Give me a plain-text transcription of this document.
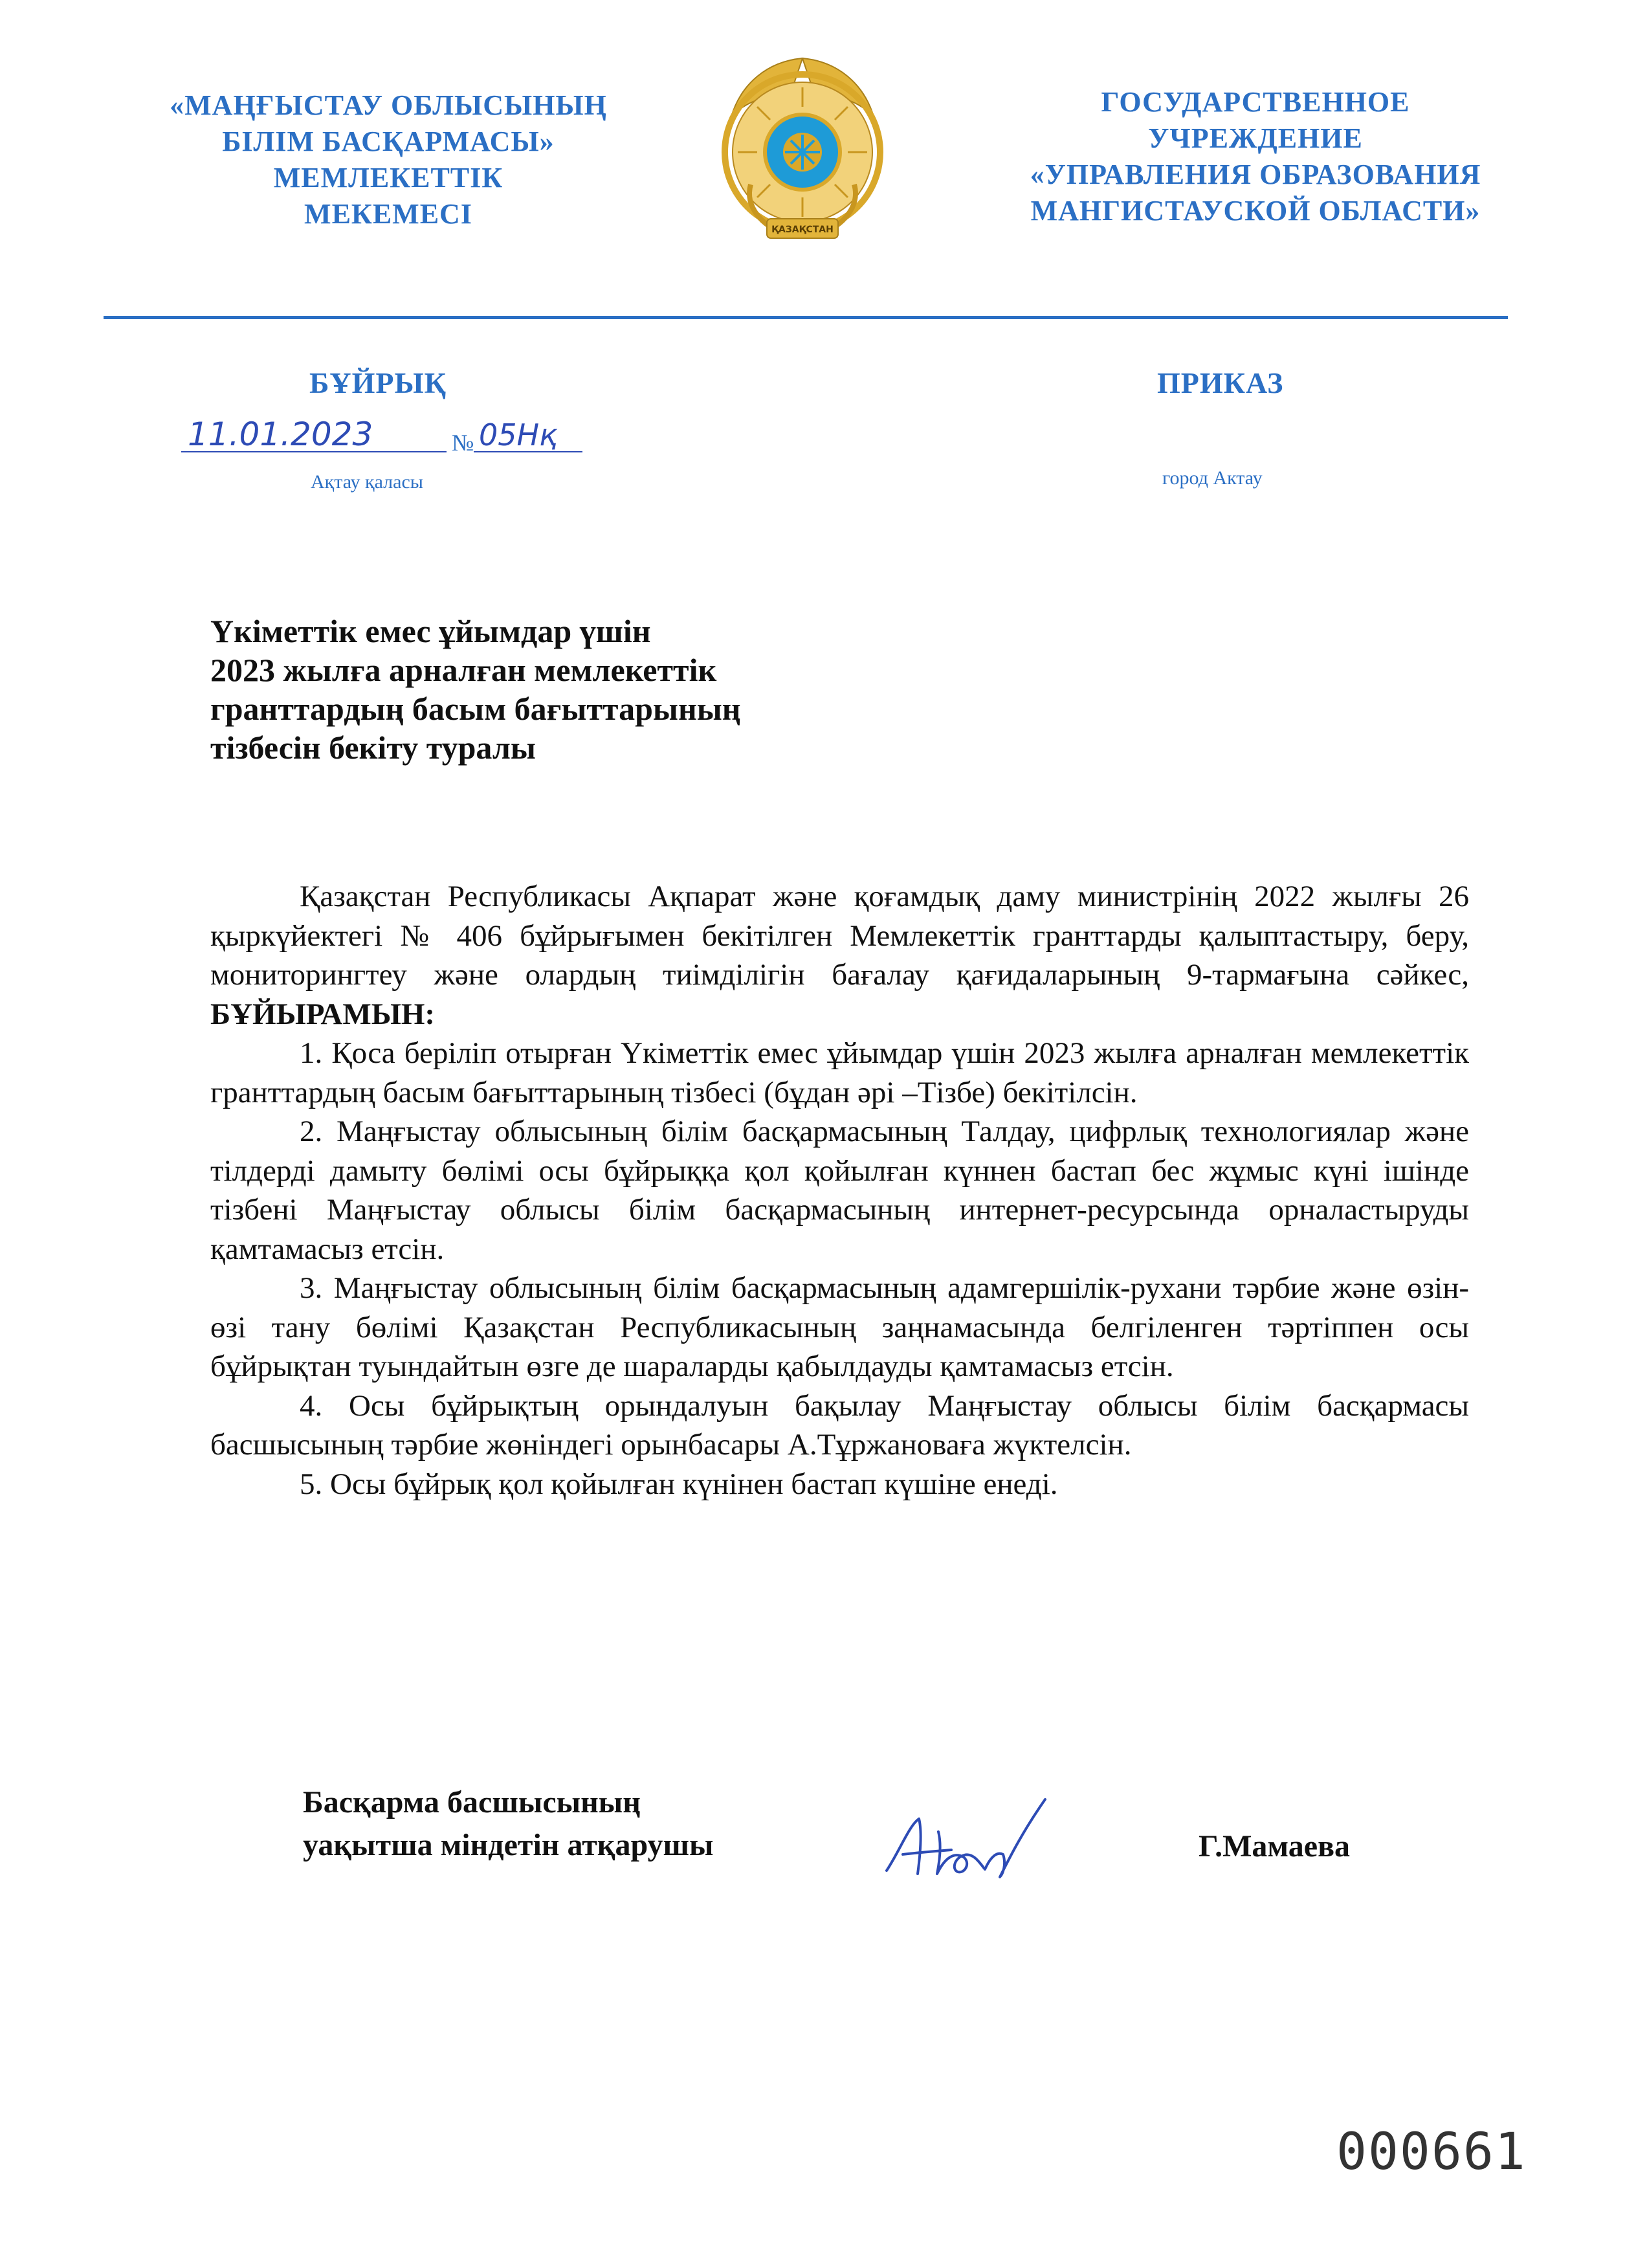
«МАҢҒЫСТАУ ОБЛЫСЫНЫҢ
БІЛІМ БАСҚАРМАСЫ»
МЕМЛЕКЕТТІК
МЕКЕМЕСІ	ҚАЗАҚСТАН
ГОСУДАРСТВЕННОЕ
УЧРЕЖДЕНИЕ
«УПРАВЛЕНИЯ ОБРАЗОВАНИЯ
МАНГИСТАУСКОЙ ОБЛАСТИ»
БҰЙРЫҚ	ПРИКАЗ
11.01.2023	№ 05Нқ
Ақтау қаласы	город Актау
Үкіметтік емес ұйымдар үшін
2023 жылға арналған мемлекеттік
гранттардың басым бағыттарының
тізбесін бекіту туралы

Қазақстан Республикасы Ақпарат және қоғамдық даму министрінің 2022 жылғы 26 қыркүйектегі № 406 бұйрығымен бекітілген Мемлекеттік гранттарды қалыптастыру, беру, мониторингтеу және олардың тиімділігін бағалау қағидаларының 9-тармағына сәйкес, БҰЙЫРАМЫН:

1. Қоса беріліп отырған Үкіметтік емес ұйымдар үшін 2023 жылға арналған мемлекеттік гранттардың басым бағыттарының тізбесі (бұдан әрі –Тізбе) бекітілсін.

2. Маңғыстау облысының білім басқармасының Талдау, цифрлық технологиялар және тілдерді дамыту бөлімі осы бұйрыққа қол қойылған күннен бастап бес жұмыс күні ішінде тізбені Маңғыстау облысы білім басқармасының интернет-ресурсында орналастыруды қамтамасыз етсін.

3. Маңғыстау облысының білім басқармасының адамгершілік-рухани тәрбие және өзін-өзі тану бөлімі Қазақстан Республикасының заңнамасында белгіленген тәртіппен осы бұйрықтан туындайтын өзге де шараларды қабылдауды қамтамасыз етсін.

4. Осы бұйрықтың орындалуын бақылау Маңғыстау облысы білім басқармасы басшысының тәрбие жөніндегі орынбасары А.Тұржановаға жүктелсін.

5. Осы бұйрық қол қойылған күнінен бастап күшіне енеді.

Басқарма басшысының
уақытша міндетін атқарушы	Г.Мамаева
000661
